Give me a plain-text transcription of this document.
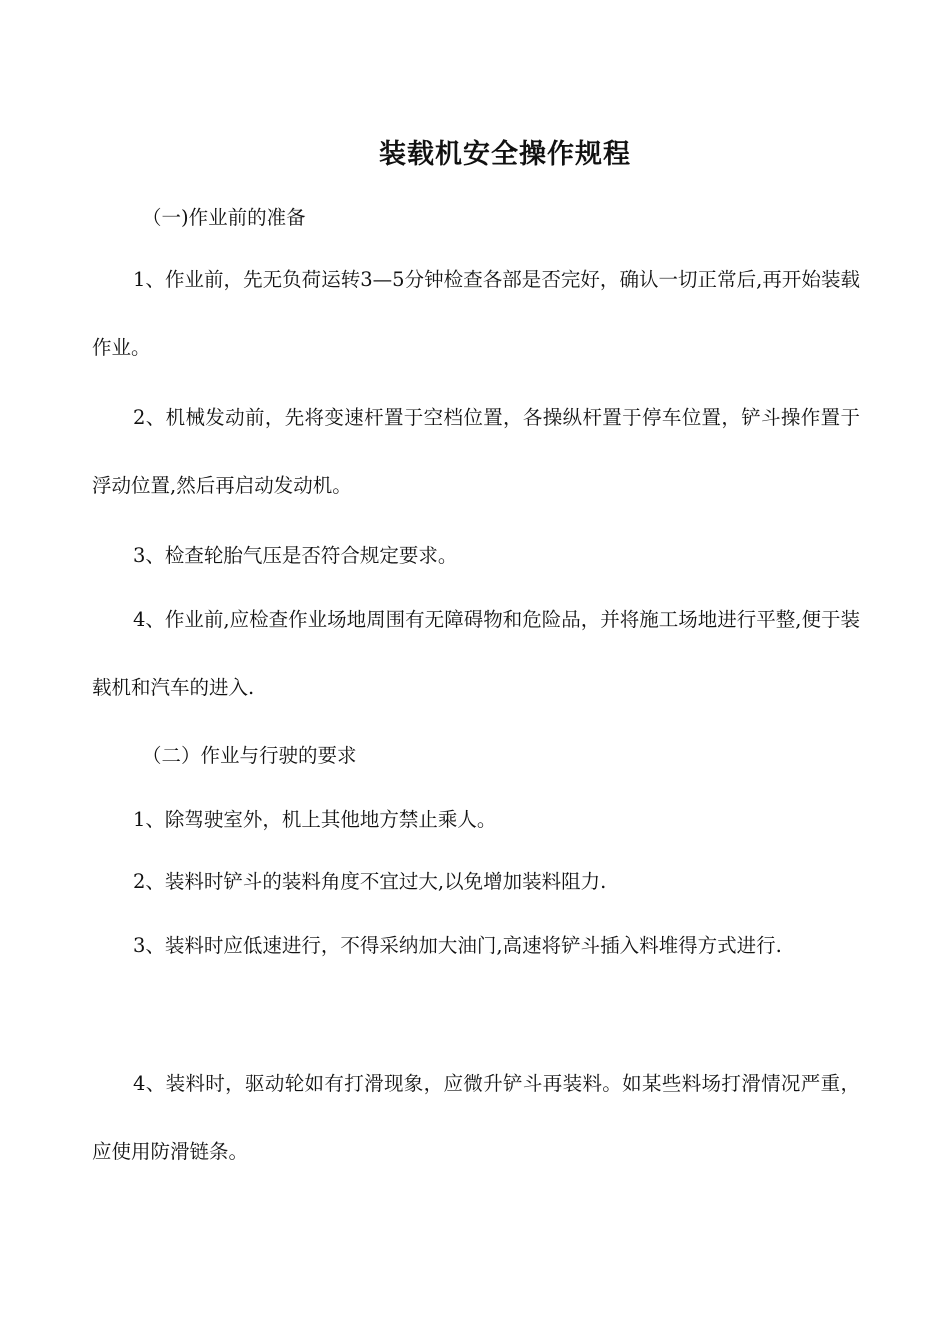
装载机安全操作规程

（一)作业前的准备

1、作业前，先无负荷运转3—5分钟检查各部是否完好，确认一切正常后,再开始装载作业。

2、机械发动前，先将变速杆置于空档位置，各操纵杆置于停车位置，铲斗操作置于浮动位置,然后再启动发动机。

3、检查轮胎气压是否符合规定要求。

4、作业前,应检查作业场地周围有无障碍物和危险品，并将施工场地进行平整,便于装载机和汽车的进入.

（二）作业与行驶的要求

1、除驾驶室外，机上其他地方禁止乘人。

2、装料时铲斗的装料角度不宜过大,以免增加装料阻力.

3、装料时应低速进行，不得采纳加大油门,高速将铲斗插入料堆得方式进行.

4、装料时，驱动轮如有打滑现象，应微升铲斗再装料。如某些料场打滑情况严重，应使用防滑链条。
